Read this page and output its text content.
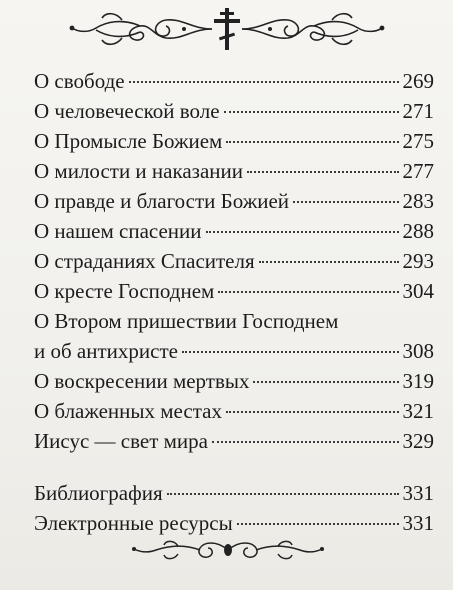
О свободе	269
О человеческой воле	271
О Промысле Божием	275
О милости и наказании	277
О правде и благости Божией	283
О нашем спасении	288
О страданиях Спасителя	293
О кресте Господнем	304
О Втором пришествии Господнем
и об антихристе	308
О воскресении мертвых	319
О блаженных местах	321
Иисус — свет мира	329
Библиография	331
Электронные ресурсы	331
